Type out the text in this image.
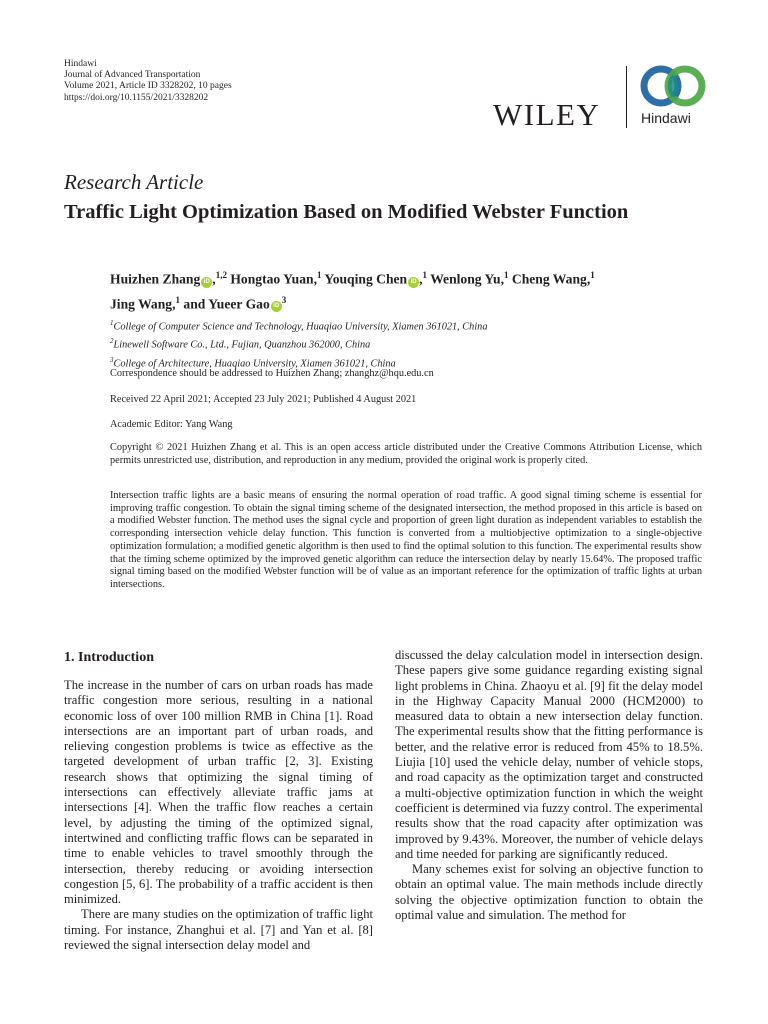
Hindawi
Journal of Advanced Transportation
Volume 2021, Article ID 3328202, 10 pages
https://doi.org/10.1155/2021/3328202	WILEY	Hindawi
Research Article
Traffic Light Optimization Based on Modified Webster Function
Huizhen Zhang iD ,$^{1,2}$ Hongtao Yuan,$^1$ Youqing Chen iD ,$^1$ Wenlong Yu,$^1$ Cheng Wang,$^1$
Jing Wang,$^1$ and Yueer Gao $iD^3$
$^1$College of Computer Science and Technology, Huaqiao University, Xiamen 361021, China
$^2$Linewell Software Co., Ltd., Fujian, Quanzhou 362000, China
$^3$College of Architecture, Huaqiao University, Xiamen 361021, China
Correspondence should be addressed to Huizhen Zhang; zhanghz@hqu.edu.cn
Received 22 April 2021; Accepted 23 July 2021; Published 4 August 2021
Academic Editor: Yang Wang
Copyright © 2021 Huizhen Zhang et al. This is an open access article distributed under the Creative Commons Attribution License, which permits unrestricted use, distribution, and reproduction in any medium, provided the original work is properly cited.
Intersection traffic lights are a basic means of ensuring the normal operation of road traffic. A good signal timing scheme is essential for improving traffic congestion. To obtain the signal timing scheme of the designated intersection, the method proposed in this article is based on a modified Webster function. The method uses the signal cycle and proportion of green light duration as independent variables to establish the corresponding intersection vehicle delay function. This function is converted from a multiobjective optimization to a single-objective optimization formulation; a modified genetic algorithm is then used to find the optimal solution to this function. The experimental results show that the timing scheme optimized by the improved genetic algorithm can reduce the intersection delay by nearly 15.64%. The proposed traffic signal timing based on the modified Webster function will be of value as an important reference for the optimization of traffic lights at urban intersections.
1. Introduction

The increase in the number of cars on urban roads has made traffic congestion more serious, resulting in a national economic loss of over 100 million RMB in China [1]. Road intersections are an important part of urban roads, and relieving congestion problems is twice as effective as the targeted development of urban traffic [2, 3]. Existing research shows that optimizing the signal timing of intersections can effectively alleviate traffic jams at intersections [4]. When the traffic flow reaches a certain level, by adjusting the timing of the optimized signal, intertwined and conflicting traffic flows can be separated in time to enable vehicles to travel smoothly through the intersection, thereby reducing or avoiding intersection congestion [5, 6]. The probability of a traffic accident is then minimized.

There are many studies on the optimization of traffic light timing. For instance, Zhanghui et al. [7] and Yan et al. [8] reviewed the signal intersection delay model and

discussed the delay calculation model in intersection design. These papers give some guidance regarding existing signal light problems in China. Zhaoyu et al. [9] fit the delay model in the Highway Capacity Manual 2000 (HCM2000) to measured data to obtain a new intersection delay function. The experimental results show that the fitting performance is better, and the relative error is reduced from 45% to 18.5%. Liujia [10] used the vehicle delay, number of vehicle stops, and road capacity as the optimization target and constructed a multi-objective optimization function in which the weight coefficient is determined via fuzzy control. The experimental results show that the road capacity after optimization was improved by 9.43%. Moreover, the number of vehicle delays and time needed for parking are significantly reduced.

Many schemes exist for solving an objective function to obtain an optimal value. The main methods include directly solving the objective optimization function to obtain the optimal value and simulation. The method for
